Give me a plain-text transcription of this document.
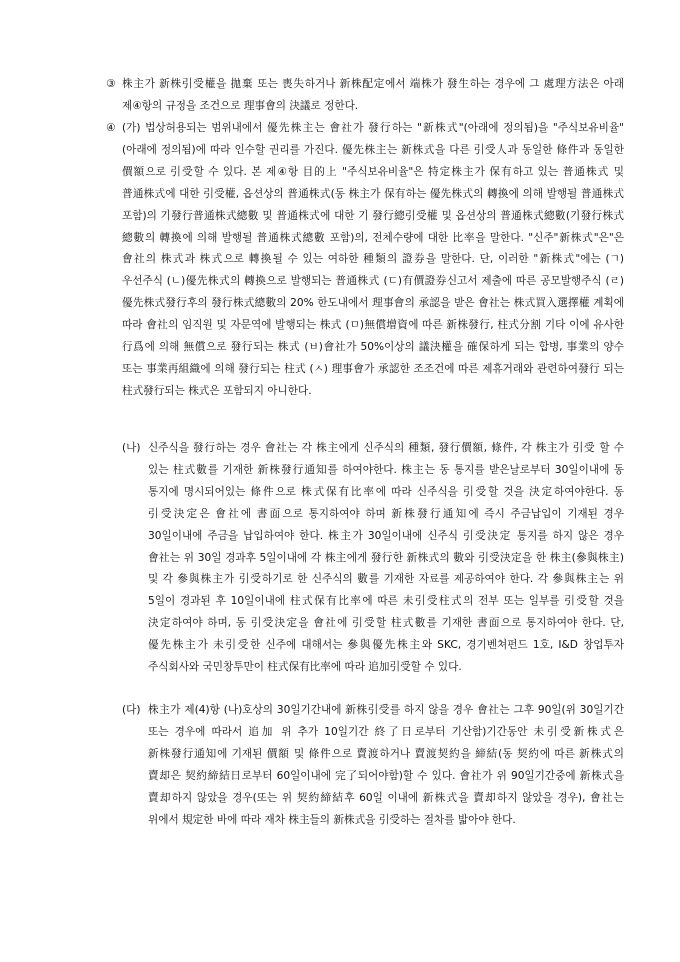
③ 株主가 新株引受權을 拋棄 또는 喪失하거나 新株配定에서 端株가 發生하는 경우에 그 處理方法은 아래 제④항의 규정을 조건으로 理事會의 決議로 정한다.

④ (가) 법상허용되는 범위내에서 優先株主는 會社가 發行하는 "新株式"(아래에 정의됨)을 "주식보유비율"(아래에 정의됨)에 따라 인수할 권리를 가진다. 優先株主는 新株式을 다른 引受人과 동일한 條件과 동일한 價額으로 引受할 수 있다. 본 제④항 目的上 "주식보유비율"은 特定株主가 保有하고 있는 普通株式 및 普通株式에 대한 引受權, 옵션상의 普通株式(동 株主가 保有하는 優先株式의 轉換에 의해 발행될 普通株式 포함)의 기發行普通株式總數 및 普通株式에 대한 기 發行總引受權 및 옵션상의 普通株式總數(기發行株式 總數의 轉換에 의해 발행될 普通株式總數 포함)의, 전체수량에 대한 比率을 말한다. "신주"新株式"은"은 會社의 株式과 株式으로 轉換될 수 있는 여하한 種類의 證券을 말한다. 단, 이러한 "新株式"에는 (ㄱ)우선주식 (ㄴ)優先株式의 轉換으로 발행되는 普通株式 (ㄷ)有價證券신고서 제출에 따른 공모발행주식 (ㄹ)優先株式發行후의 發行株式總數의 20% 한도내에서 理事會의 承認을 받은 會社는 株式買入選擇權 계획에 따라 會社의 임직원 및 자문역에 발행되는 株式 (ㅁ)無償增資에 따른 新株發行, 柱式分割 기타 이에 유사한 行爲에 의해 無償으로 發行되는 株式 (ㅂ)會社가 50%이상의 議決權을 確保하게 되는 합병, 事業의 양수 또는 事業再組織에 의해 發行되는 柱式 (ㅅ) 理事會가 承認한 조조건에 따른 제휴거래와 관련하여發行 되는 柱式發行되는 株式은 포함되지 아니한다.

(나) 신주식을 發行하는 경우 會社는 각 株主에게 신주식의 種類, 發行價額, 條件, 각 株主가 引受 할 수 있는 柱式數를 기재한 新株發行通知를 하여야한다. 株主는 동 통지를 받은날로부터 30일이내에 동 통지에 명시되어있는 條件으로 株式保有比率에 따라 신주식을 引受할 것을 決定하여야한다. 동 引受決定은 會社에 書面으로 통지하여야 하며 新株發行通知에 즉시 주금납입이 기재된 경우 30일이내에 주금을 납입하여야 한다. 株主가 30일이내에 신주식 引受決定 통지를 하지 않은 경우 會社는 위 30일 경과후 5일이내에 각 株主에게 發行한 新株式의 數와 引受決定을 한 株主(參與株主) 및 각 參與株主가 引受하기로 한 신주식의 數를 기재한 자료를 제공하여야 한다. 각 參與株主는 위 5일이 경과된 후 10일이내에 柱式保有比率에 따른 未引受柱式의 전부 또는 일부를 引受할 것을 決定하여야 하며, 동 引受決定을 會社에 引受할 柱式數를 기재한 書面으로 통지하여야 한다. 단, 優先株主가 未引受한 신주에 대해서는 參與優先株主와 SKC, 경기벤쳐펀드 1호, I&D 창업투자 주식회사와 국민창투만이 柱式保有比率에 따라 追加引受할 수 있다.

(다) 株主가 제(4)항 (나)호상의 30일기간내에 新株引受를 하지 않을 경우 會社는 그후 90일(위 30일기간 또는 경우에 따라서 追加 위 추가 10일기간 終了日로부터 기산함)기간동안 未引受新株式은 新株發行通知에 기재된 價額 및 條件으로 賣渡하거나 賣渡契約을 締結(동 契約에 따른 新株式의 賣却은 契約締結日로부터 60일이내에 完了되어야함)할 수 있다. 會社가 위 90일기간중에 新株式을 賣却하지 않았을 경우(또는 위 契約締結후 60일 이내에 新株式을 賣却하지 않았을 경우), 會社는 위에서 規定한 바에 따라 재차 株主들의 新株式을 引受하는 절차를 밟아야 한다.
